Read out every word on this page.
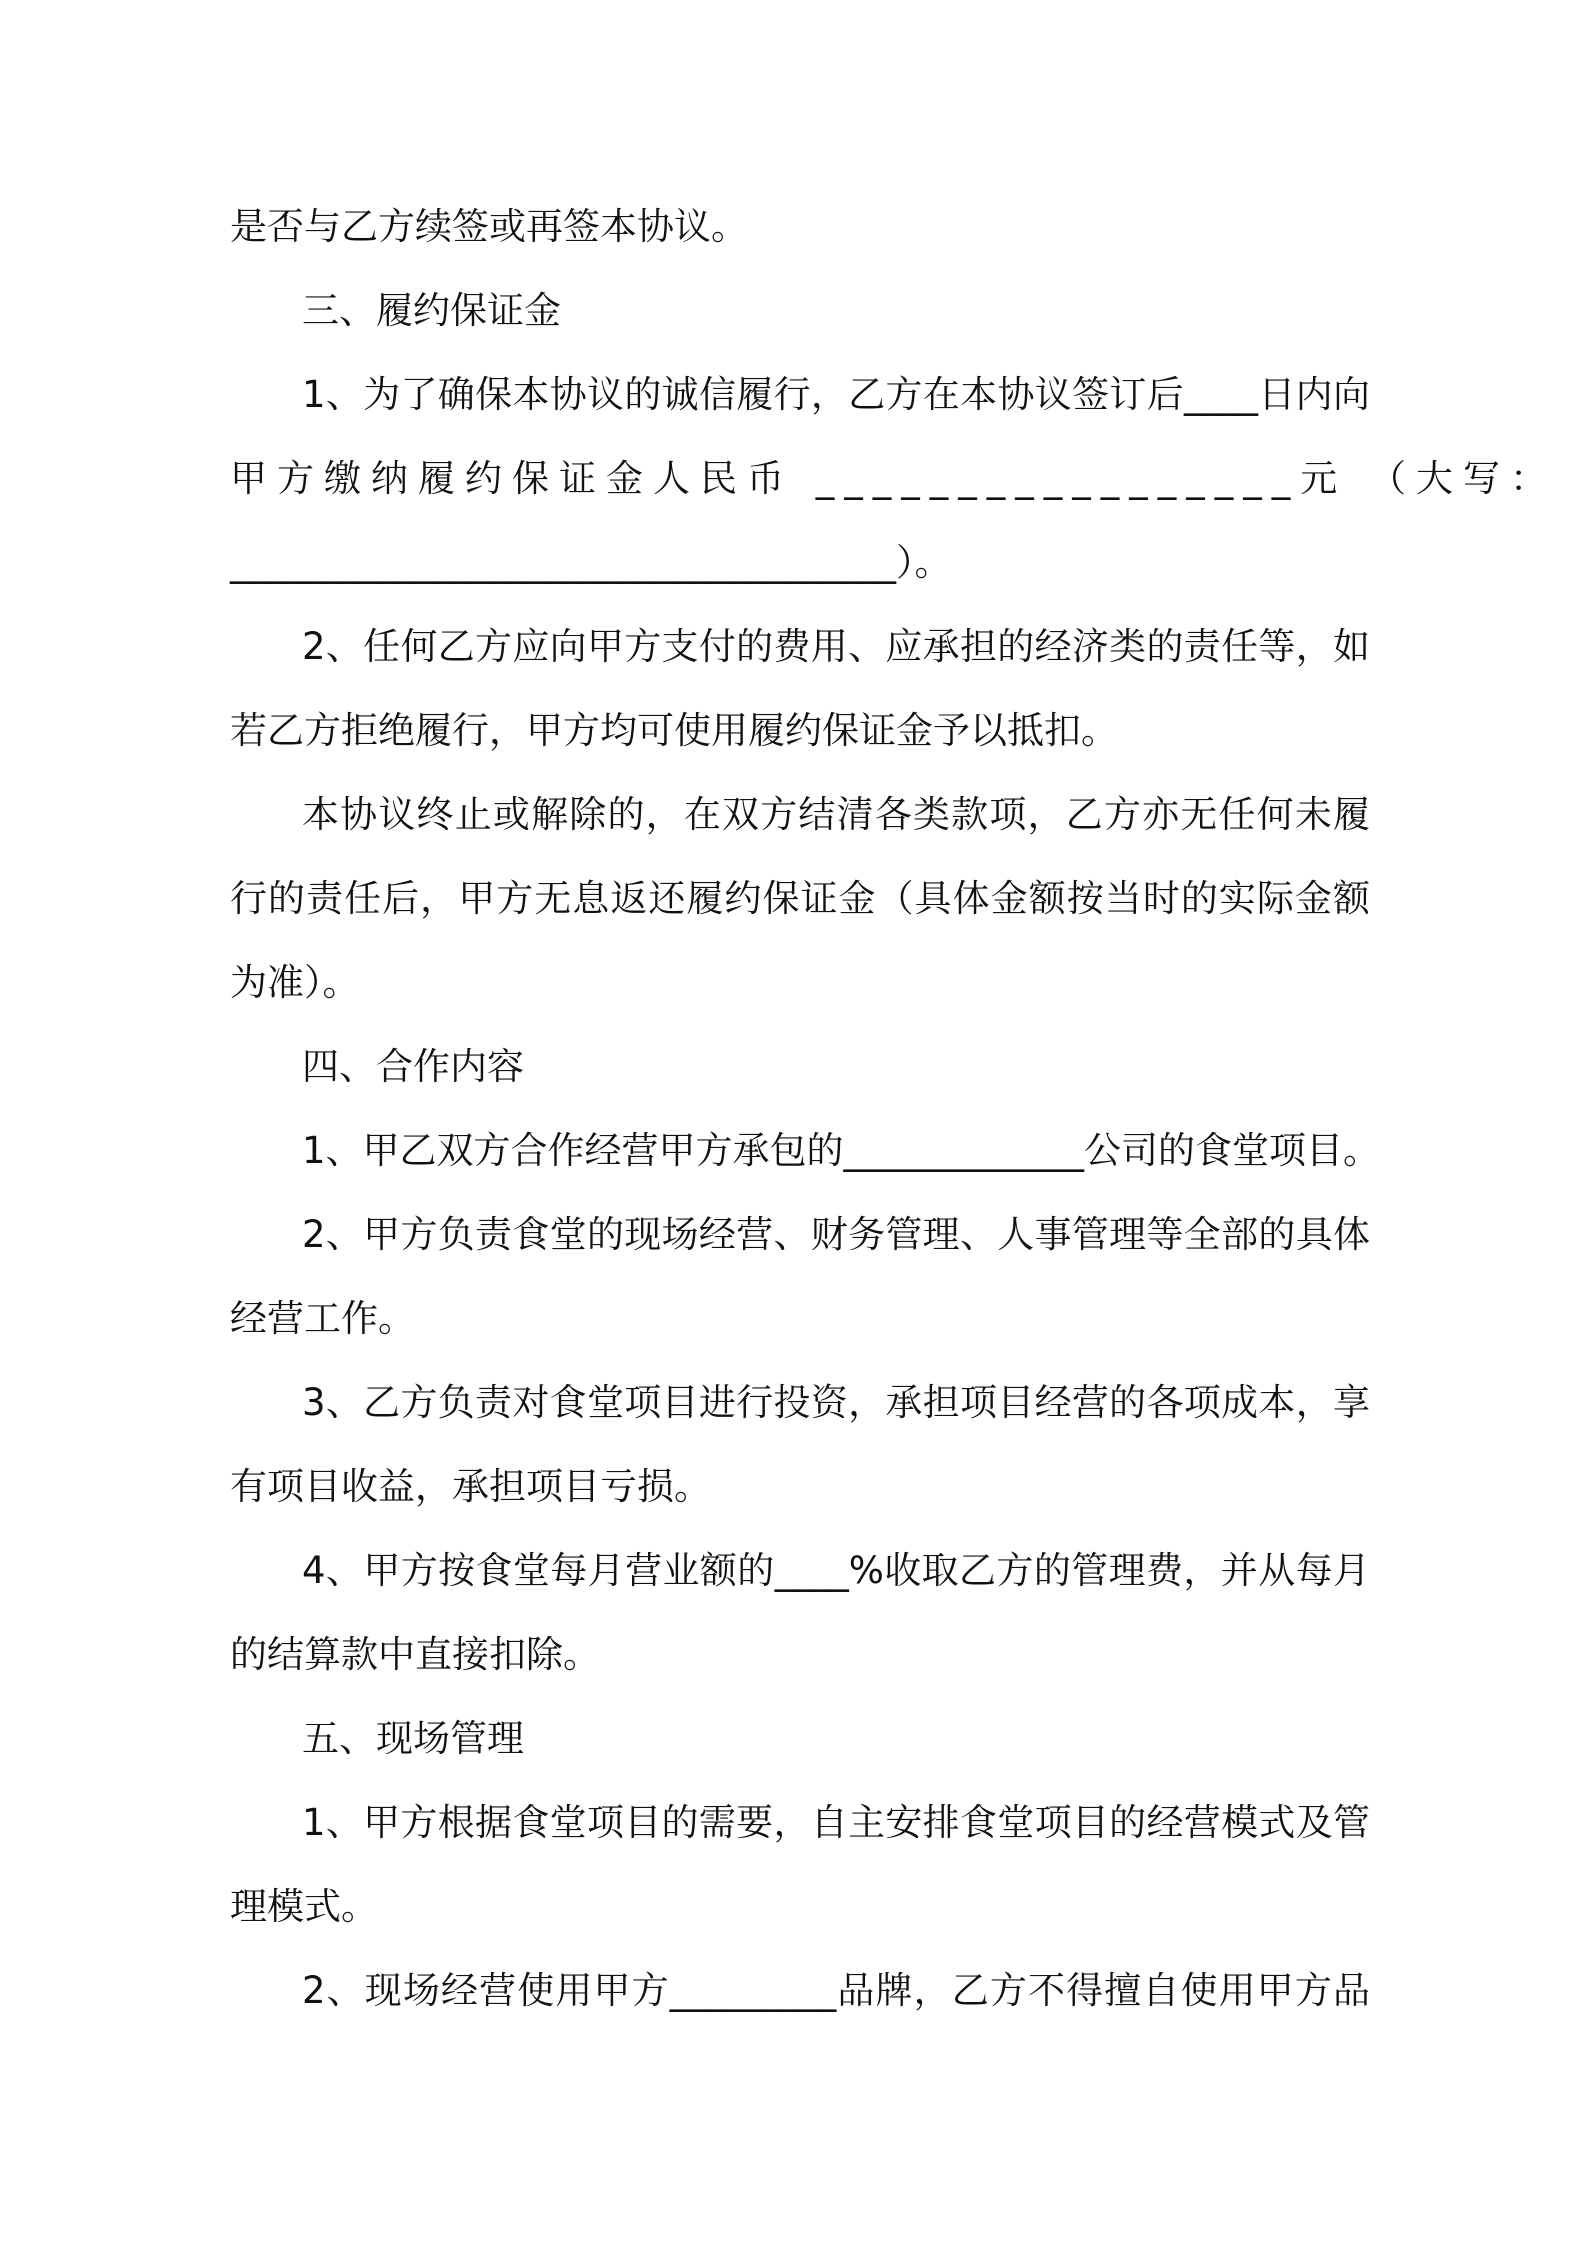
是否与乙方续签或再签本协议。
三、履约保证金
1、为了确保本协议的诚信履行，乙方在本协议签订后____日内向
甲方缴纳履约保证金人民币 _________________元 （大写：
____________________________________）。
2、任何乙方应向甲方支付的费用、应承担的经济类的责任等，如
若乙方拒绝履行，甲方均可使用履约保证金予以抵扣。
本协议终止或解除的，在双方结清各类款项，乙方亦无任何未履
行的责任后，甲方无息返还履约保证金（具体金额按当时的实际金额
为准）。
四、合作内容
1、甲乙双方合作经营甲方承包的_____________公司的食堂项目。
2、甲方负责食堂的现场经营、财务管理、人事管理等全部的具体
经营工作。
3、乙方负责对食堂项目进行投资，承担项目经营的各项成本，享
有项目收益，承担项目亏损。
4、甲方按食堂每月营业额的____%收取乙方的管理费，并从每月
的结算款中直接扣除。
五、现场管理
1、甲方根据食堂项目的需要，自主安排食堂项目的经营模式及管
理模式。
2、现场经营使用甲方_________品牌，乙方不得擅自使用甲方品
